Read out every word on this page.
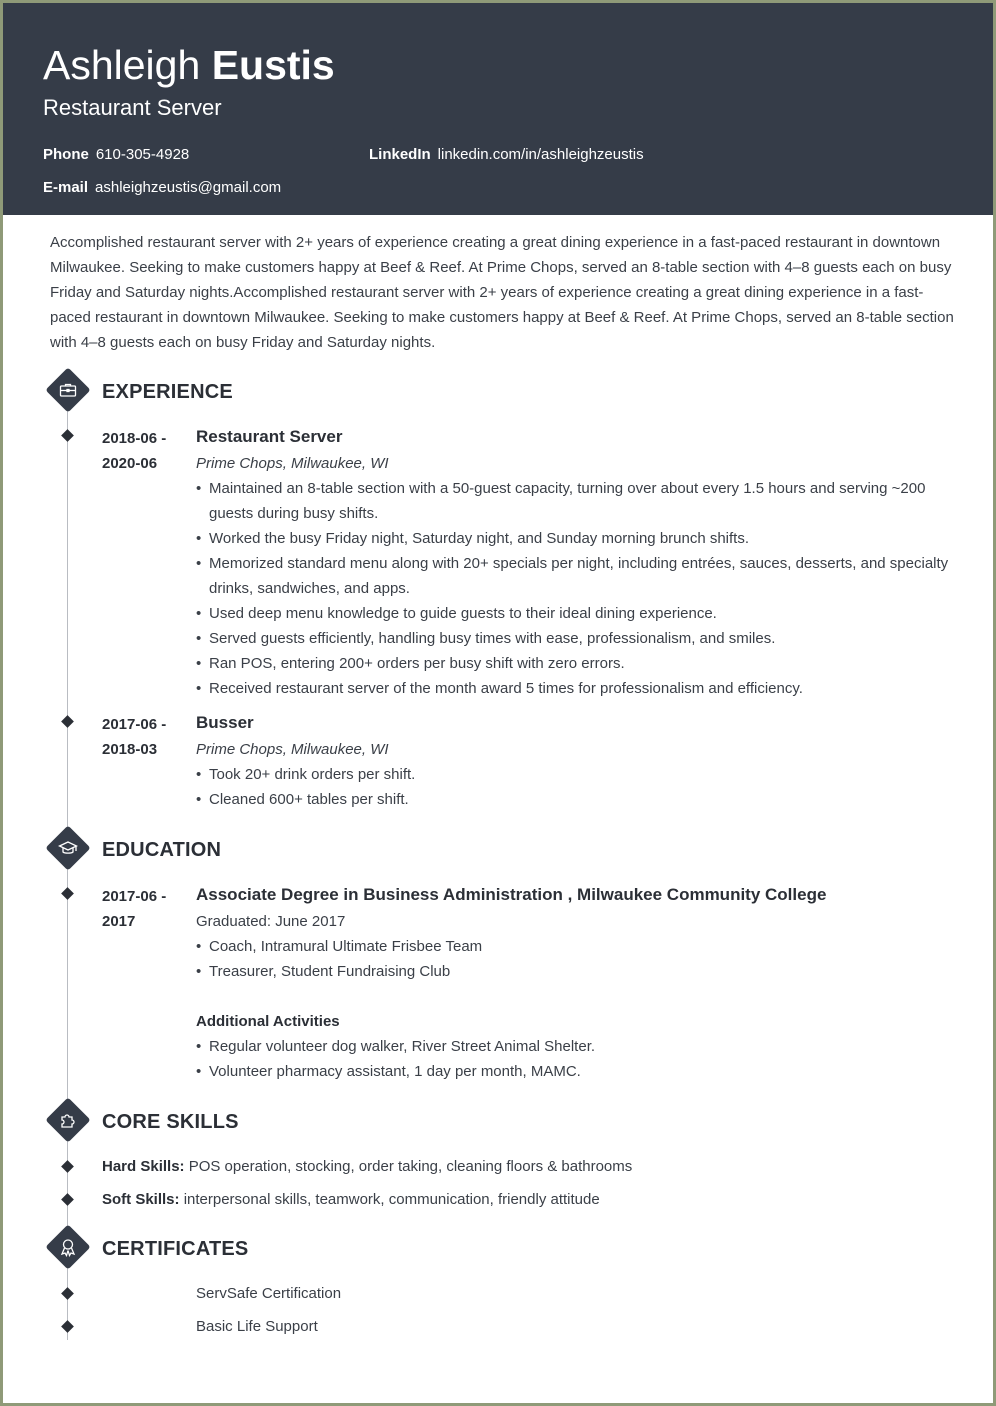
Ashleigh Eustis
Restaurant Server
Phone 610-305-4928	LinkedIn linkedin.com/in/ashleighzeustis
E-mail ashleighzeustis@gmail.com
Accomplished restaurant server with 2+ years of experience creating a great dining experience in a fast-paced restaurant in downtown Milwaukee. Seeking to make customers happy at Beef & Reef. At Prime Chops, served an 8-table section with 4–8 guests each on busy Friday and Saturday nights.Accomplished restaurant server with 2+ years of experience creating a great dining experience in a fast-paced restaurant in downtown Milwaukee. Seeking to make customers happy at Beef & Reef. At Prime Chops, served an 8-table section with 4–8 guests each on busy Friday and Saturday nights.
EXPERIENCE
2018-06 -
2020-06
Restaurant Server
Prime Chops, Milwaukee, WI
• Maintained an 8-table section with a 50-guest capacity, turning over about every 1.5 hours and serving ~200 guests during busy shifts.
• Worked the busy Friday night, Saturday night, and Sunday morning brunch shifts.
• Memorized standard menu along with 20+ specials per night, including entrées, sauces, desserts, and specialty drinks, sandwiches, and apps.
• Used deep menu knowledge to guide guests to their ideal dining experience.
• Served guests efficiently, handling busy times with ease, professionalism, and smiles.
• Ran POS, entering 200+ orders per busy shift with zero errors.
• Received restaurant server of the month award 5 times for professionalism and efficiency.
2017-06 -
2018-03
Busser
Prime Chops, Milwaukee, WI
• Took 20+ drink orders per shift.
• Cleaned 600+ tables per shift.
EDUCATION
2017-06 -
2017
Associate Degree in Business Administration , Milwaukee Community College
Graduated: June 2017
• Coach, Intramural Ultimate Frisbee Team
• Treasurer, Student Fundraising Club
Additional Activities
• Regular volunteer dog walker, River Street Animal Shelter.
• Volunteer pharmacy assistant, 1 day per month, MAMC.
CORE SKILLS
Hard Skills: POS operation, stocking, order taking, cleaning floors & bathrooms
Soft Skills: interpersonal skills, teamwork, communication, friendly attitude
CERTIFICATES
ServSafe Certification
Basic Life Support
